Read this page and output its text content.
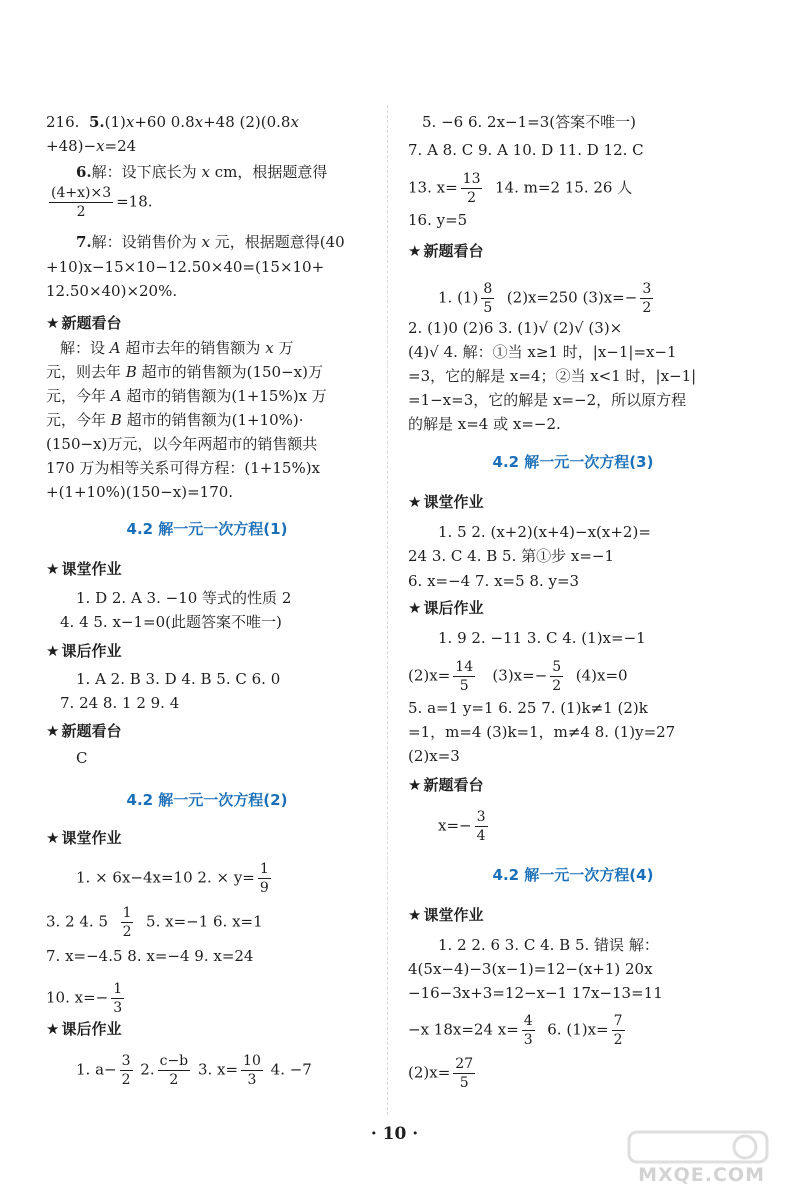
216. 5.(1)x+60 0.8x+48 (2)(0.8x
+48)−x=24
6.解：设下底长为 x cm，根据题意得
$\frac{(4+x)\times 3}{2} =18$.
7.解：设销售价为 x 元，根据题意得(40
+10)x−15×10−12.50×40=(15×10+
12.50×40)×20%.
★ 新题看台
解：设 A 超市去年的销售额为 x 万
元，则去年 B 超市的销售额为(150−x)万
元，今年 A 超市的销售额为(1+15%)x 万
元，今年 B 超市的销售额为(1+10%)·
(150−x)万元，以今年两超市的销售额共
170 万为相等关系可得方程：(1+15%)x
+(1+10%)(150−x)=170.
4.2 解一元一次方程(1)
★ 课堂作业
1. D 2. A 3. −10 等式的性质 2
4. 4 5. x−1=0(此题答案不唯一)
★ 课后作业
1. A 2. B 3. D 4. B 5. C 6. 0
7. 24 8. 1 2 9. 4
★ 新题看台
C
4.2 解一元一次方程(2)
★ 课堂作业
1. × 6x−4x=10 2. × $y= \frac{1}{9}$
3. 2 4. $5 \frac{1}{2} 5$. x=−1 6. x=1
7. x=−4.5 8. x=−4 9. x=24
10. $x=- \frac{1}{3}$
★ 课后作业
1. $a- \frac{3}{2} 2$. $\frac{c-b}{2} 3$. $x= \frac{10}{3} 4$. −7
5. −6 6. 2x−1=3(答案不唯一)
7. A 8. C 9. A 10. D 11. D 12. C
13. $x= \frac{13}{2} 14$. m=2 15. 26 人
16. y=5
★ 新题看台
1. $(1) \frac{8}{5} (2)x=250$ $(3)x=- \frac{3}{2}$
2. (1)0 (2)6 3. (1)√ (2)√ (3)×
(4)√ 4. 解：①当 x≥1 时，|x−1|=x−1
=3，它的解是 x=4；②当 x<1 时，|x−1|
=1−x=3，它的解是 x=−2，所以原方程
的解是 x=4 或 x=−2.
4.2 解一元一次方程(3)
★ 课堂作业
1. 5 2. (x+2)(x+4)−x(x+2)=
24 3. C 4. B 5. 第①步 x=−1
6. x=−4 7. x=5 8. y=3
★ 课后作业
1. 9 2. −11 3. C 4. (1)x=−1
$(2)x= \frac{14}{5} (3)x=- \frac{5}{2} (4)x=0$
5. a=1 y=1 6. 25 7. (1)k≠1 (2)k
=1，m=4 (3)k=1，m≠4 8. (1)y=27
(2)x=3
★ 新题看台
$x=- \frac{3}{4}$
4.2 解一元一次方程(4)
★ 课堂作业
1. 2 2. 6 3. C 4. B 5. 错误 解：
4(5x−4)−3(x−1)=12−(x+1) 20x
−16−3x+3=12−x−1 17x−13=11
−x 18x=24 $x= \frac{4}{3} 6$. $(1)x= \frac{7}{2}$
$(2)x= \frac{27}{5}$
· 10 ·
MXQE.COM
